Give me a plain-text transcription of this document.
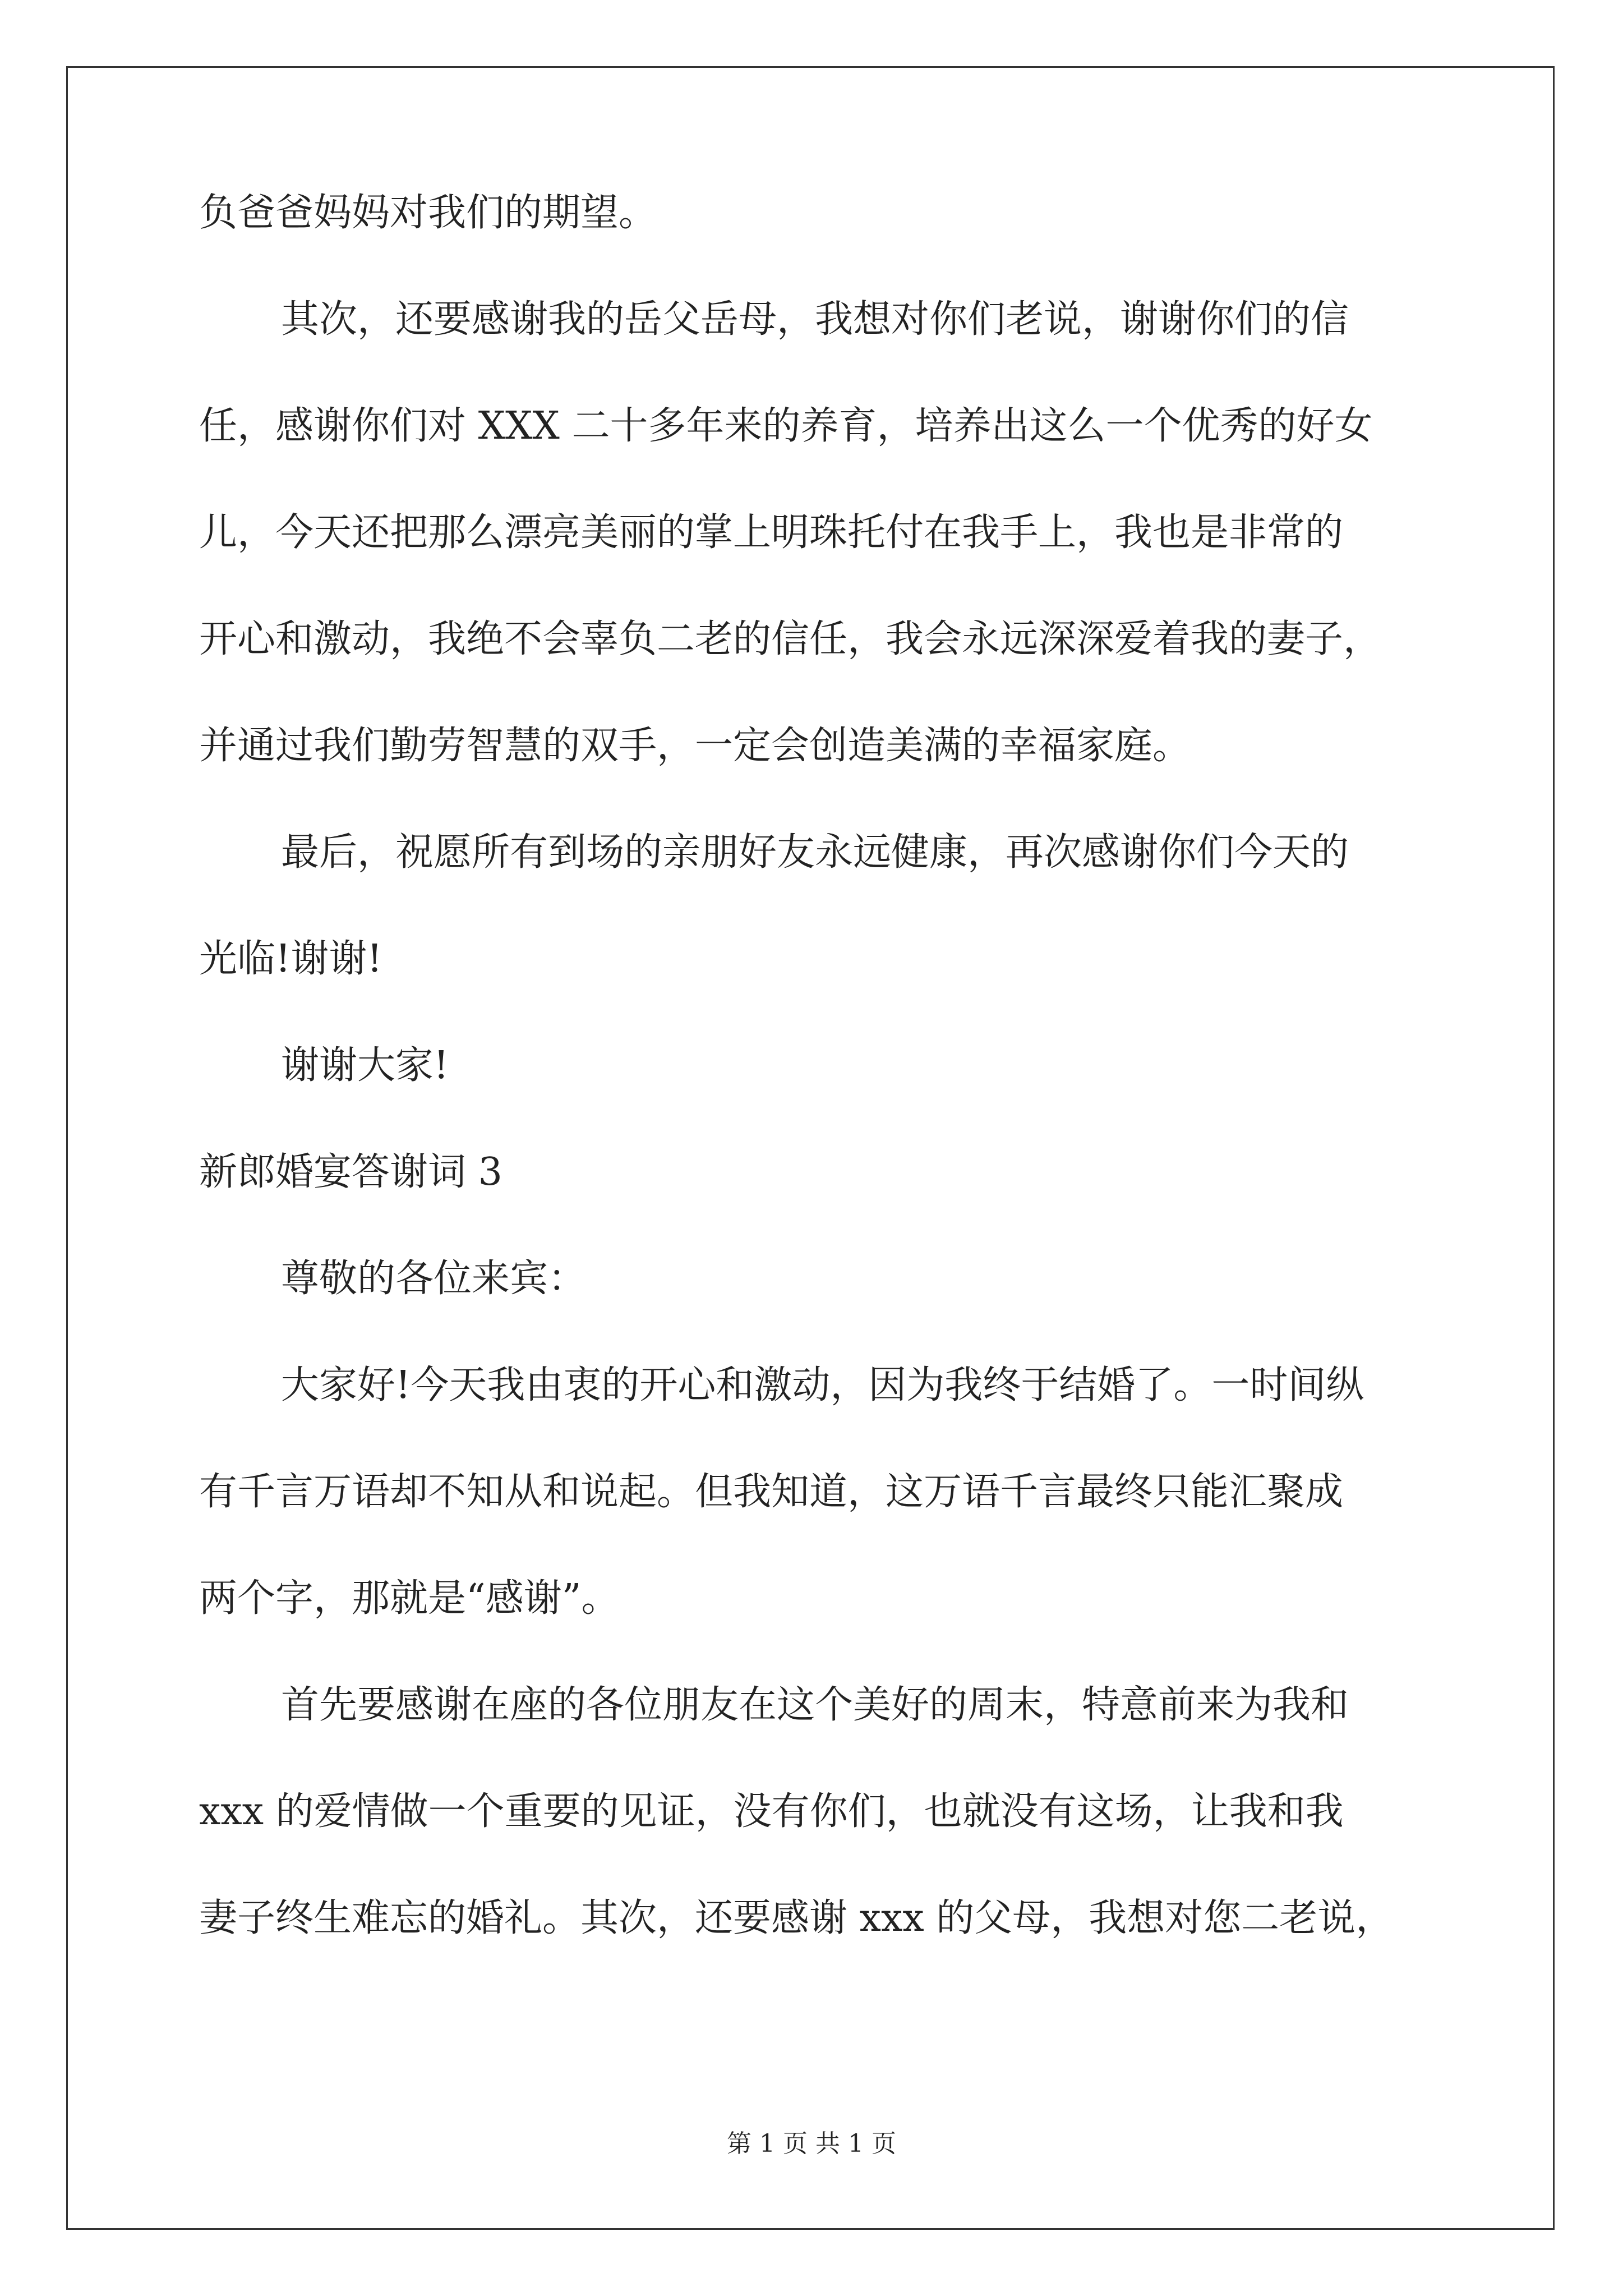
负爸爸妈妈对我们的期望。
其次，还要感谢我的岳父岳母，我想对你们老说，谢谢你们的信
任，感谢你们对 XXX 二十多年来的养育，培养出这么一个优秀的好女
儿，今天还把那么漂亮美丽的掌上明珠托付在我手上，我也是非常的
开心和激动，我绝不会辜负二老的信任，我会永远深深爱着我的妻子，
并通过我们勤劳智慧的双手，一定会创造美满的幸福家庭。
最后，祝愿所有到场的亲朋好友永远健康，再次感谢你们今天的
光临!谢谢!
谢谢大家!
新郎婚宴答谢词 3
尊敬的各位来宾：
大家好!今天我由衷的开心和激动，因为我终于结婚了。一时间纵
有千言万语却不知从和说起。但我知道，这万语千言最终只能汇聚成
两个字，那就是“感谢”。
首先要感谢在座的各位朋友在这个美好的周末，特意前来为我和
xxx 的爱情做一个重要的见证，没有你们，也就没有这场，让我和我
妻子终生难忘的婚礼。其次，还要感谢 xxx 的父母，我想对您二老说，
第 1 页 共 1 页
